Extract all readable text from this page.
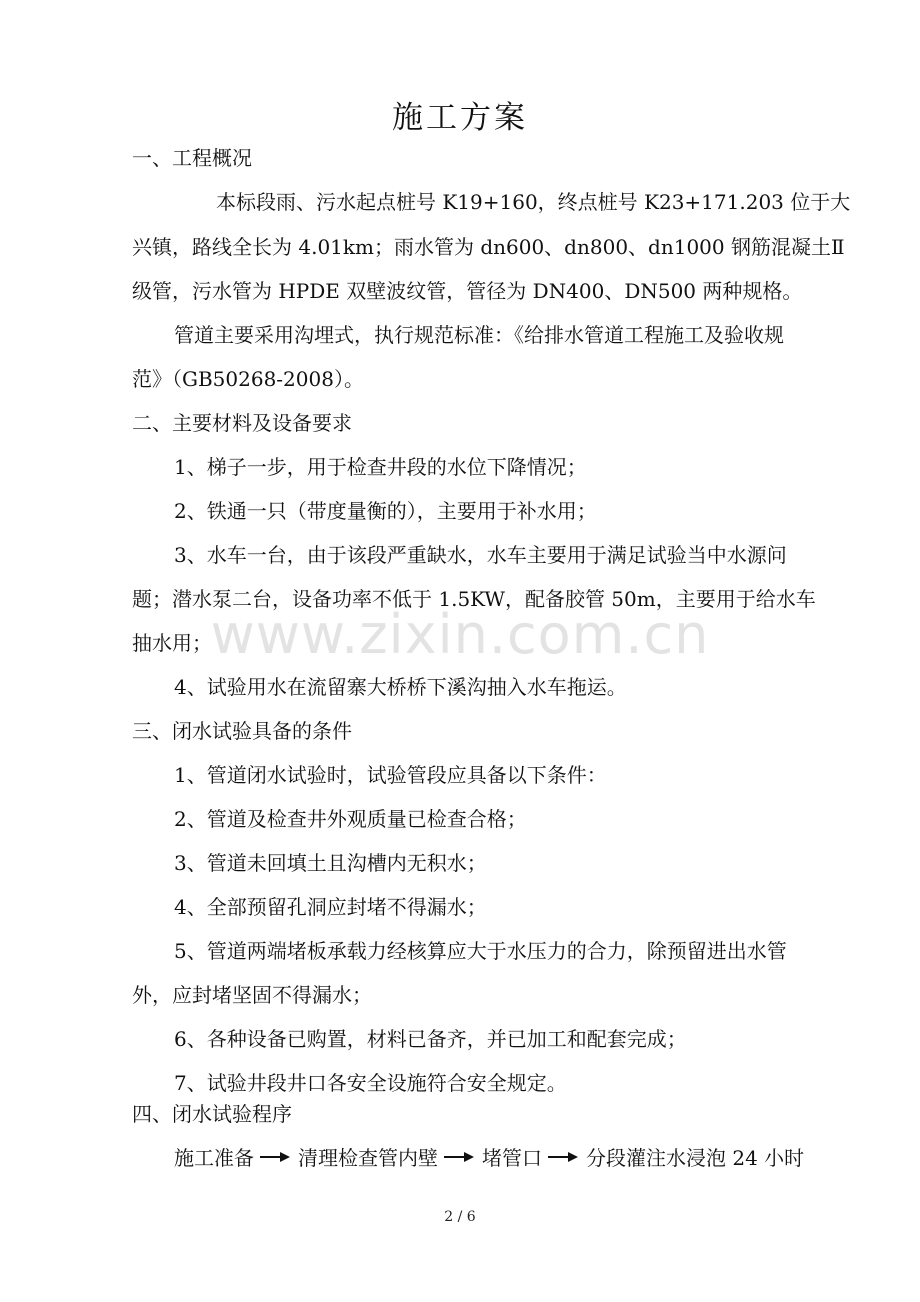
www.zixin.com.cn
施工方案
一、工程概况
本标段雨、污水起点桩号 K19+160，终点桩号 K23+171.203 位于大
兴镇，路线全长为 4.01km；雨水管为 dn600、dn800、dn1000 钢筋混凝土Ⅱ
级管，污水管为 HPDE 双壁波纹管，管径为 DN400、DN500 两种规格。
管道主要采用沟埋式，执行规范标准：《给排水管道工程施工及验收规
范》（GB50268-2008）。
二、主要材料及设备要求
1、梯子一步，用于检查井段的水位下降情况；
2、铁通一只（带度量衡的），主要用于补水用；
3、水车一台，由于该段严重缺水，水车主要用于满足试验当中水源问
题；潜水泵二台，设备功率不低于 1.5KW，配备胶管 50m，主要用于给水车
抽水用；
4、试验用水在流留寨大桥桥下溪沟抽入水车拖运。
三、闭水试验具备的条件
1、管道闭水试验时，试验管段应具备以下条件：
2、管道及检查井外观质量已检查合格；
3、管道未回填土且沟槽内无积水；
4、全部预留孔洞应封堵不得漏水；
5、管道两端堵板承载力经核算应大于水压力的合力，除预留进出水管
外，应封堵坚固不得漏水；
6、各种设备已购置，材料已备齐，并已加工和配套完成；
7、试验井段井口各安全设施符合安全规定。
四、闭水试验程序
施工准备 清理检查管内壁 堵管口 分段灌注水浸泡 24 小时
2 / 6
